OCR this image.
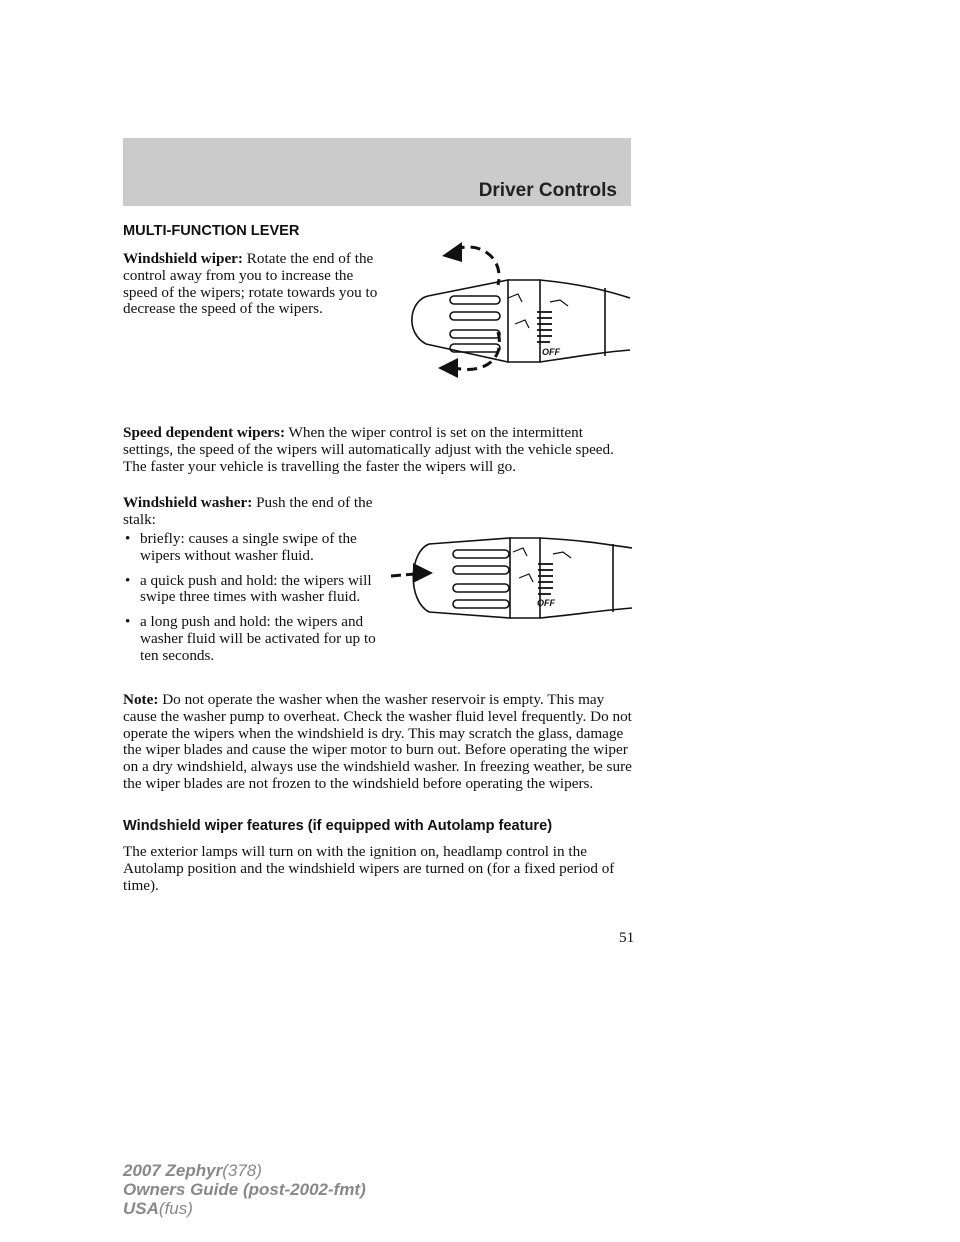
Driver Controls
MULTI-FUNCTION LEVER
Windshield wiper: Rotate the end of the control away from you to increase the speed of the wipers; rotate towards you to decrease the speed of the wipers.
OFF
Speed dependent wipers: When the wiper control is set on the intermittent settings, the speed of the wipers will automatically adjust with the vehicle speed. The faster your vehicle is travelling the faster the wipers will go.
Windshield washer: Push the end of the stalk:
• briefly: causes a single swipe of the wipers without washer fluid.
• a quick push and hold: the wipers will swipe three times with washer fluid.
• a long push and hold: the wipers and washer fluid will be activated for up to ten seconds.
OFF
Note: Do not operate the washer when the washer reservoir is empty. This may cause the washer pump to overheat. Check the washer fluid level frequently. Do not operate the wipers when the windshield is dry. This may scratch the glass, damage the wiper blades and cause the wiper motor to burn out. Before operating the wiper on a dry windshield, always use the windshield washer. In freezing weather, be sure the wiper blades are not frozen to the windshield before operating the wipers.
Windshield wiper features (if equipped with Autolamp feature)
The exterior lamps will turn on with the ignition on, headlamp control in the Autolamp position and the windshield wipers are turned on (for a fixed period of time).
51
2007 Zephyr(378)
Owners Guide (post-2002-fmt)
USA(fus)
